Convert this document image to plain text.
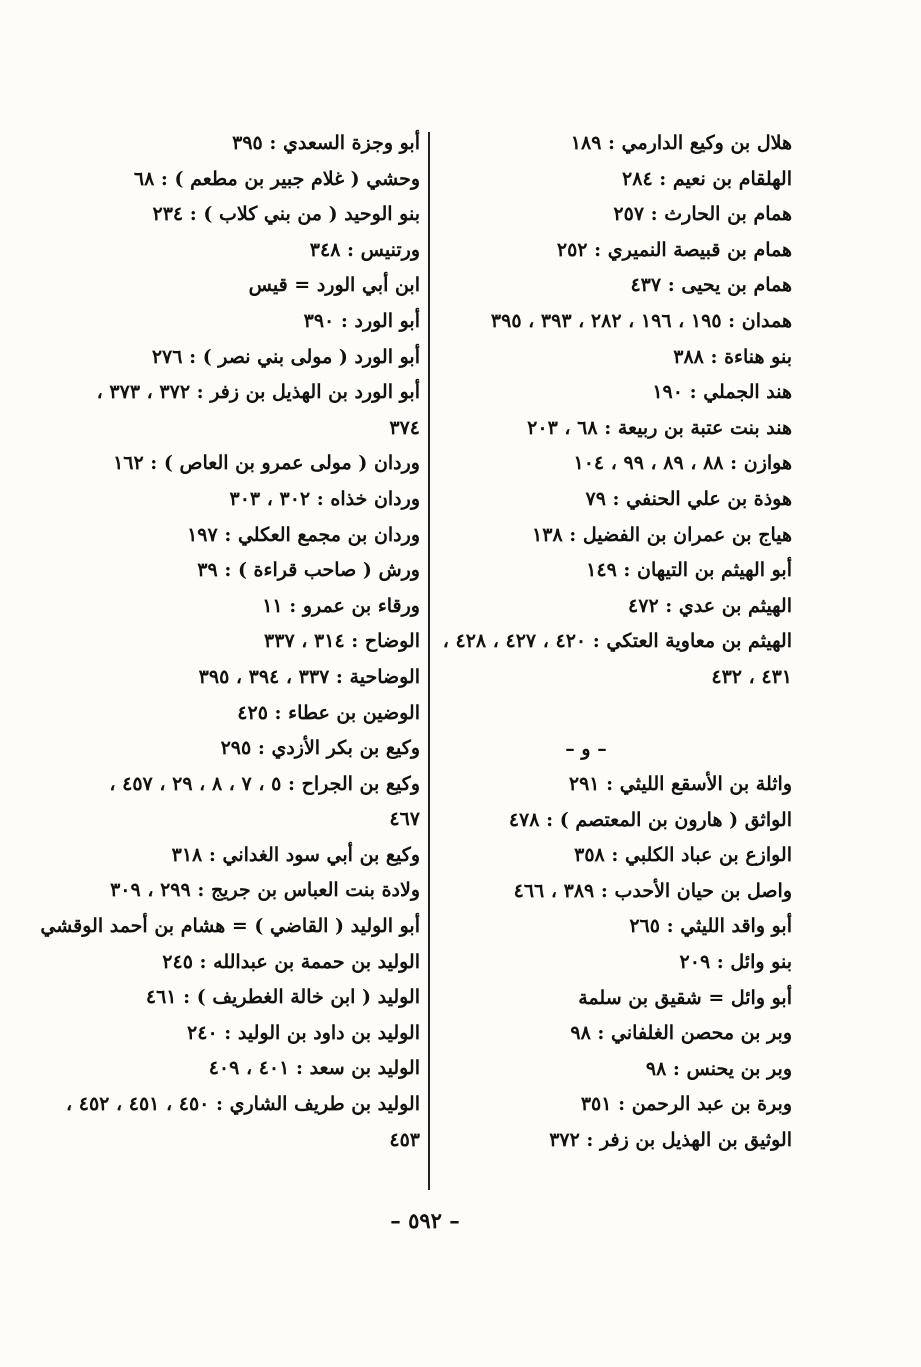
هلال بن وكيع الدارمي : ١٨٩
الهلقام بن نعيم : ٢٨٤
همام بن الحارث : ٢٥٧
همام بن قبيصة النميري : ٢٥٢
همام بن يحيى : ٤٣٧
همدان : ١٩٥ ، ١٩٦ ، ٢٨٢ ، ٣٩٣ ، ٣٩٥
بنو هناءة : ٣٨٨
هند الجملي : ١٩٠
هند بنت عتبة بن ربيعة : ٦٨ ، ٢٠٣
هوازن : ٨٨ ، ٨٩ ، ٩٩ ، ١٠٤
هوذة بن علي الحنفي : ٧٩
هياج بن عمران بن الفضيل : ١٣٨
أبو الهيثم بن التيهان : ١٤٩
الهيثم بن عدي : ٤٧٢
الهيثم بن معاوية العتكي : ٤٢٠ ، ٤٢٧ ، ٤٢٨ ،
٤٣١ ، ٤٣٢
– و –
واثلة بن الأسقع الليثي : ٢٩١
الواثق ( هارون بن المعتصم ) : ٤٧٨
الوازع بن عباد الكلبي : ٣٥٨
واصل بن حيان الأحدب : ٣٨٩ ، ٤٦٦
أبو واقد الليثي : ٢٦٥
بنو وائل : ٢٠٩
أبو وائل = شقيق بن سلمة
وبر بن محصن الغلفاني : ٩٨
وبر بن يحنس : ٩٨
وبرة بن عبد الرحمن : ٣٥١
الوثيق بن الهذيل بن زفر : ٣٧٢
أبو وجزة السعدي : ٣٩٥
وحشي ( غلام جبير بن مطعم ) : ٦٨
بنو الوحيد ( من بني كلاب ) : ٢٣٤
ورتنيس : ٣٤٨
ابن أبي الورد = قيس
أبو الورد : ٣٩٠
أبو الورد ( مولى بني نصر ) : ٢٧٦
أبو الورد بن الهذيل بن زفر : ٣٧٢ ، ٣٧٣ ،
٣٧٤
وردان ( مولى عمرو بن العاص ) : ١٦٢
وردان خذاه : ٣٠٢ ، ٣٠٣
وردان بن مجمع العكلي : ١٩٧
ورش ( صاحب قراءة ) : ٣٩
ورقاء بن عمرو : ١١
الوضاح : ٣١٤ ، ٣٣٧
الوضاحية : ٣٣٧ ، ٣٩٤ ، ٣٩٥
الوضين بن عطاء : ٤٢٥
وكيع بن بكر الأزدي : ٢٩٥
وكيع بن الجراح : ٥ ، ٧ ، ٨ ، ٢٩ ، ٤٥٧ ،
٤٦٧
وكيع بن أبي سود الغداني : ٣١٨
ولادة بنت العباس بن جريج : ٢٩٩ ، ٣٠٩
أبو الوليد ( القاضي ) = هشام بن أحمد الوقشي
الوليد بن حممة بن عبدالله : ٢٤٥
الوليد ( ابن خالة الغطريف ) : ٤٦١
الوليد بن داود بن الوليد : ٢٤٠
الوليد بن سعد : ٤٠١ ، ٤٠٩
الوليد بن طريف الشاري : ٤٥٠ ، ٤٥١ ، ٤٥٢ ،
٤٥٣
– ٥٩٢ –
